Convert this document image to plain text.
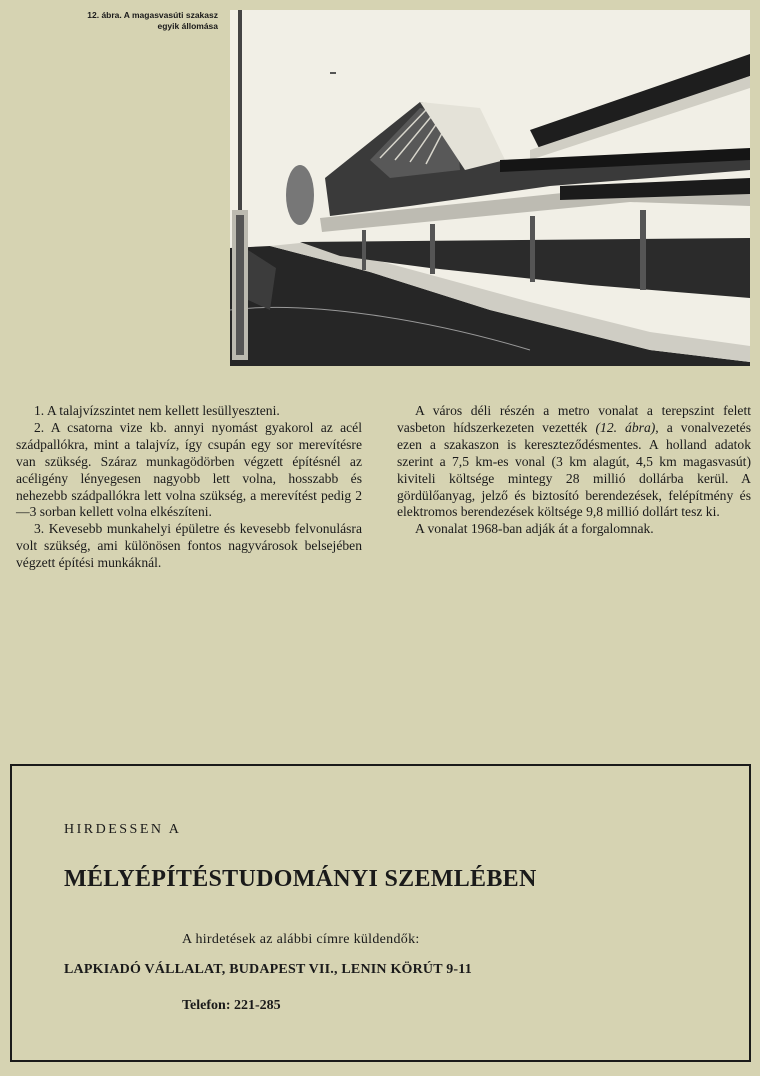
12. ábra. A magasvasúti szakasz
egyik állomása

1. A talajvízszintet nem kellett lesüllyeszteni.

2. A csatorna vize kb. annyi nyomást gyakorol az acél szádpallókra, mint a talajvíz, így csupán egy sor merevítésre van szükség. Száraz munkagödörben végzett építésnél az acéligény lényegesen nagyobb lett volna, hosszabb és nehezebb szádpallókra lett volna szükség, a merevítést pedig 2—3 sorban kellett volna elkészíteni.

3. Kevesebb munkahelyi épületre és kevesebb felvonulásra volt szükség, ami különösen fontos nagyvárosok belsejében végzett építési munkáknál.

A város déli részén a metro vonalat a terepszint felett vasbeton hídszerkezeten vezették (12. ábra), a vonalvezetés ezen a szakaszon is kereszteződésmentes. A holland adatok szerint a 7,5 km-es vonal (3 km alagút, 4,5 km magasvasút) kiviteli költsége mintegy 28 millió dollárba kerül. A gördülőanyag, jelző és biztosító berendezések, felépítmény és elektromos berendezések költsége 9,8 millió dollárt tesz ki.

A vonalat 1968-ban adják át a forgalomnak.

HIRDESSEN A
MÉLYÉPÍTÉSTUDOMÁNYI SZEMLÉBEN
A hirdetések az alábbi címre küldendők:
LAPKIADÓ VÁLLALAT, BUDAPEST VII., LENIN KÖRÚT 9-11
Telefon: 221-285
